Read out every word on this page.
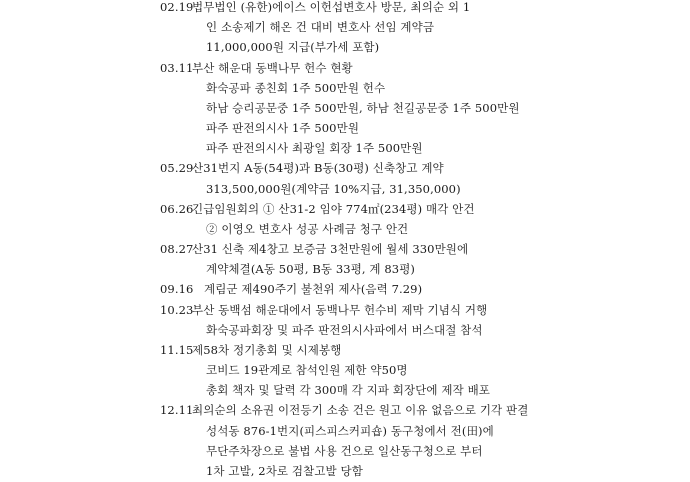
02.19
법무법인 (유한)에이스 이헌섭변호사 방문, 최의순 외 1
인 소송제기 해온 건 대비 변호사 선임 계약금
11,000,000원 지급(부가세 포함)
03.11
부산 해운대 동백나무 헌수 현황
화숙공파 종친회 1주 500만원 헌수
하남 승리공문중 1주 500만원, 하남 천길공문중 1주 500만원
파주 판전의시사 1주 500만원
파주 판전의시사 최광일 회장 1주 500만원
05.29
산31번지 A동(54평)과 B동(30평) 신축창고 계약
313,500,000원(계약금 10%지급, 31,350,000)
06.26
긴급임원회의 ① 산31-2 임야 774㎡(234평) 매각 안건
② 이영오 변호사 성공 사례금 청구 안건
08.27
산31 신축 제4창고 보증금 3천만원에 월세 330만원에
계약체결(A동 50평, B동 33평, 계 83평)
09.16 계림군 제490주기 불천위 제사(음력 7.29)
10.23
부산 동백섬 해운대에서 동백나무 헌수비 제막 기념식 거행
화숙공파회장 및 파주 판전의시사파에서 버스대절 참석
11.15
제58차 정기총회 및 시제봉행
코비드 19관계로 참석인원 제한 약50명
총회 책자 및 달력 각 300매 각 지파 회장단에 제작 배포
12.11
최의순의 소유권 이전등기 소송 건은 원고 이유 없음으로 기각 판결
성석동 876-1번지(피스피스커피숍) 동구청에서 전(田)에
무단주차장으로 불법 사용 건으로 일산동구청으로 부터
1차 고발, 2차로 검찰고발 당함
